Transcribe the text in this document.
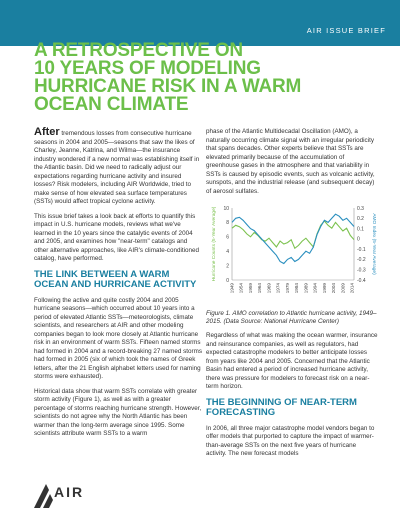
AIR ISSUE BRIEF
A RETROSPECTIVE ON
10 YEARS OF MODELING
HURRICANE RISK IN A WARM
OCEAN CLIMATE

After tremendous losses from consecutive hurricane seasons in 2004 and 2005—seasons that saw the likes of Charley, Jeanne, Katrina, and Wilma—the insurance industry wondered if a new normal was establishing itself in the Atlantic basin. Did we need to radically adjust our expectations regarding hurricane activity and insured losses? Risk modelers, including AIR Worldwide, tried to make sense of how elevated sea surface temperatures (SSTs) would affect tropical cyclone activity.

This issue brief takes a look back at efforts to quantify this impact in U.S. hurricane models, reviews what we've learned in the 10 years since the catalytic events of 2004 and 2005, and examines how "near-term" catalogs and other alternative approaches, like AIR's climate-conditioned catalog, have performed.

THE LINK BETWEEN A WARM OCEAN AND HURRICANE ACTIVITY

Following the active and quite costly 2004 and 2005 hurricane seasons—which occurred about 10 years into a period of elevated Atlantic SSTs—meteorologists, climate scientists, and researchers at AIR and other modeling companies began to look more closely at Atlantic hurricane risk in an environment of warm SSTs. Fifteen named storms had formed in 2004 and a record-breaking 27 named storms had formed in 2005 (six of which took the names of Greek letters, after the 21 English alphabet letters used for naming storms were exhausted).

Historical data show that warm SSTs correlate with greater storm activity (Figure 1), as well as with a greater percentage of storms reaching hurricane strength. However, scientists do not agree why the North Atlantic has been warmer than the long-term average since 1995. Some scientists attribute warm SSTs to a warm

phase of the Atlantic Multidecadal Oscillation (AMO), a naturally occurring climate signal with an irregular periodicity that spans decades. Other experts believe that SSTs are elevated primarily because of the accumulation of greenhouse gases in the atmosphere and that variability in SSTs is caused by episodic events, such as volcanic activity, sunspots, and the industrial release (and subsequent decay) of aerosol sulfates.

0
2
4
6
8
10	0.3
0.2
0.1
0
-0.1
-0.2
-0.3
-0.4
1949 1954 1959 1964 1969 1974 1979 1984 1989 1994 1999 2004 2009 2014
Hurricane Counts (5-Year Average)	AMO Index (5-Year Average)

Figure 1. AMO correlation to Atlantic hurricane activity, 1949–2015. (Data Source: National Hurricane Center)

Regardless of what was making the ocean warmer, insurance and reinsurance companies, as well as regulators, had expected catastrophe modelers to better anticipate losses from years like 2004 and 2005. Concerned that the Atlantic Basin had entered a period of increased hurricane activity, there was pressure for modelers to forecast risk on a near-term horizon.

THE BEGINNING OF NEAR-TERM FORECASTING

In 2006, all three major catastrophe model vendors began to offer models that purported to capture the impact of warmer-than-average SSTs on the next five years of hurricane activity. The new forecast models

AIR
